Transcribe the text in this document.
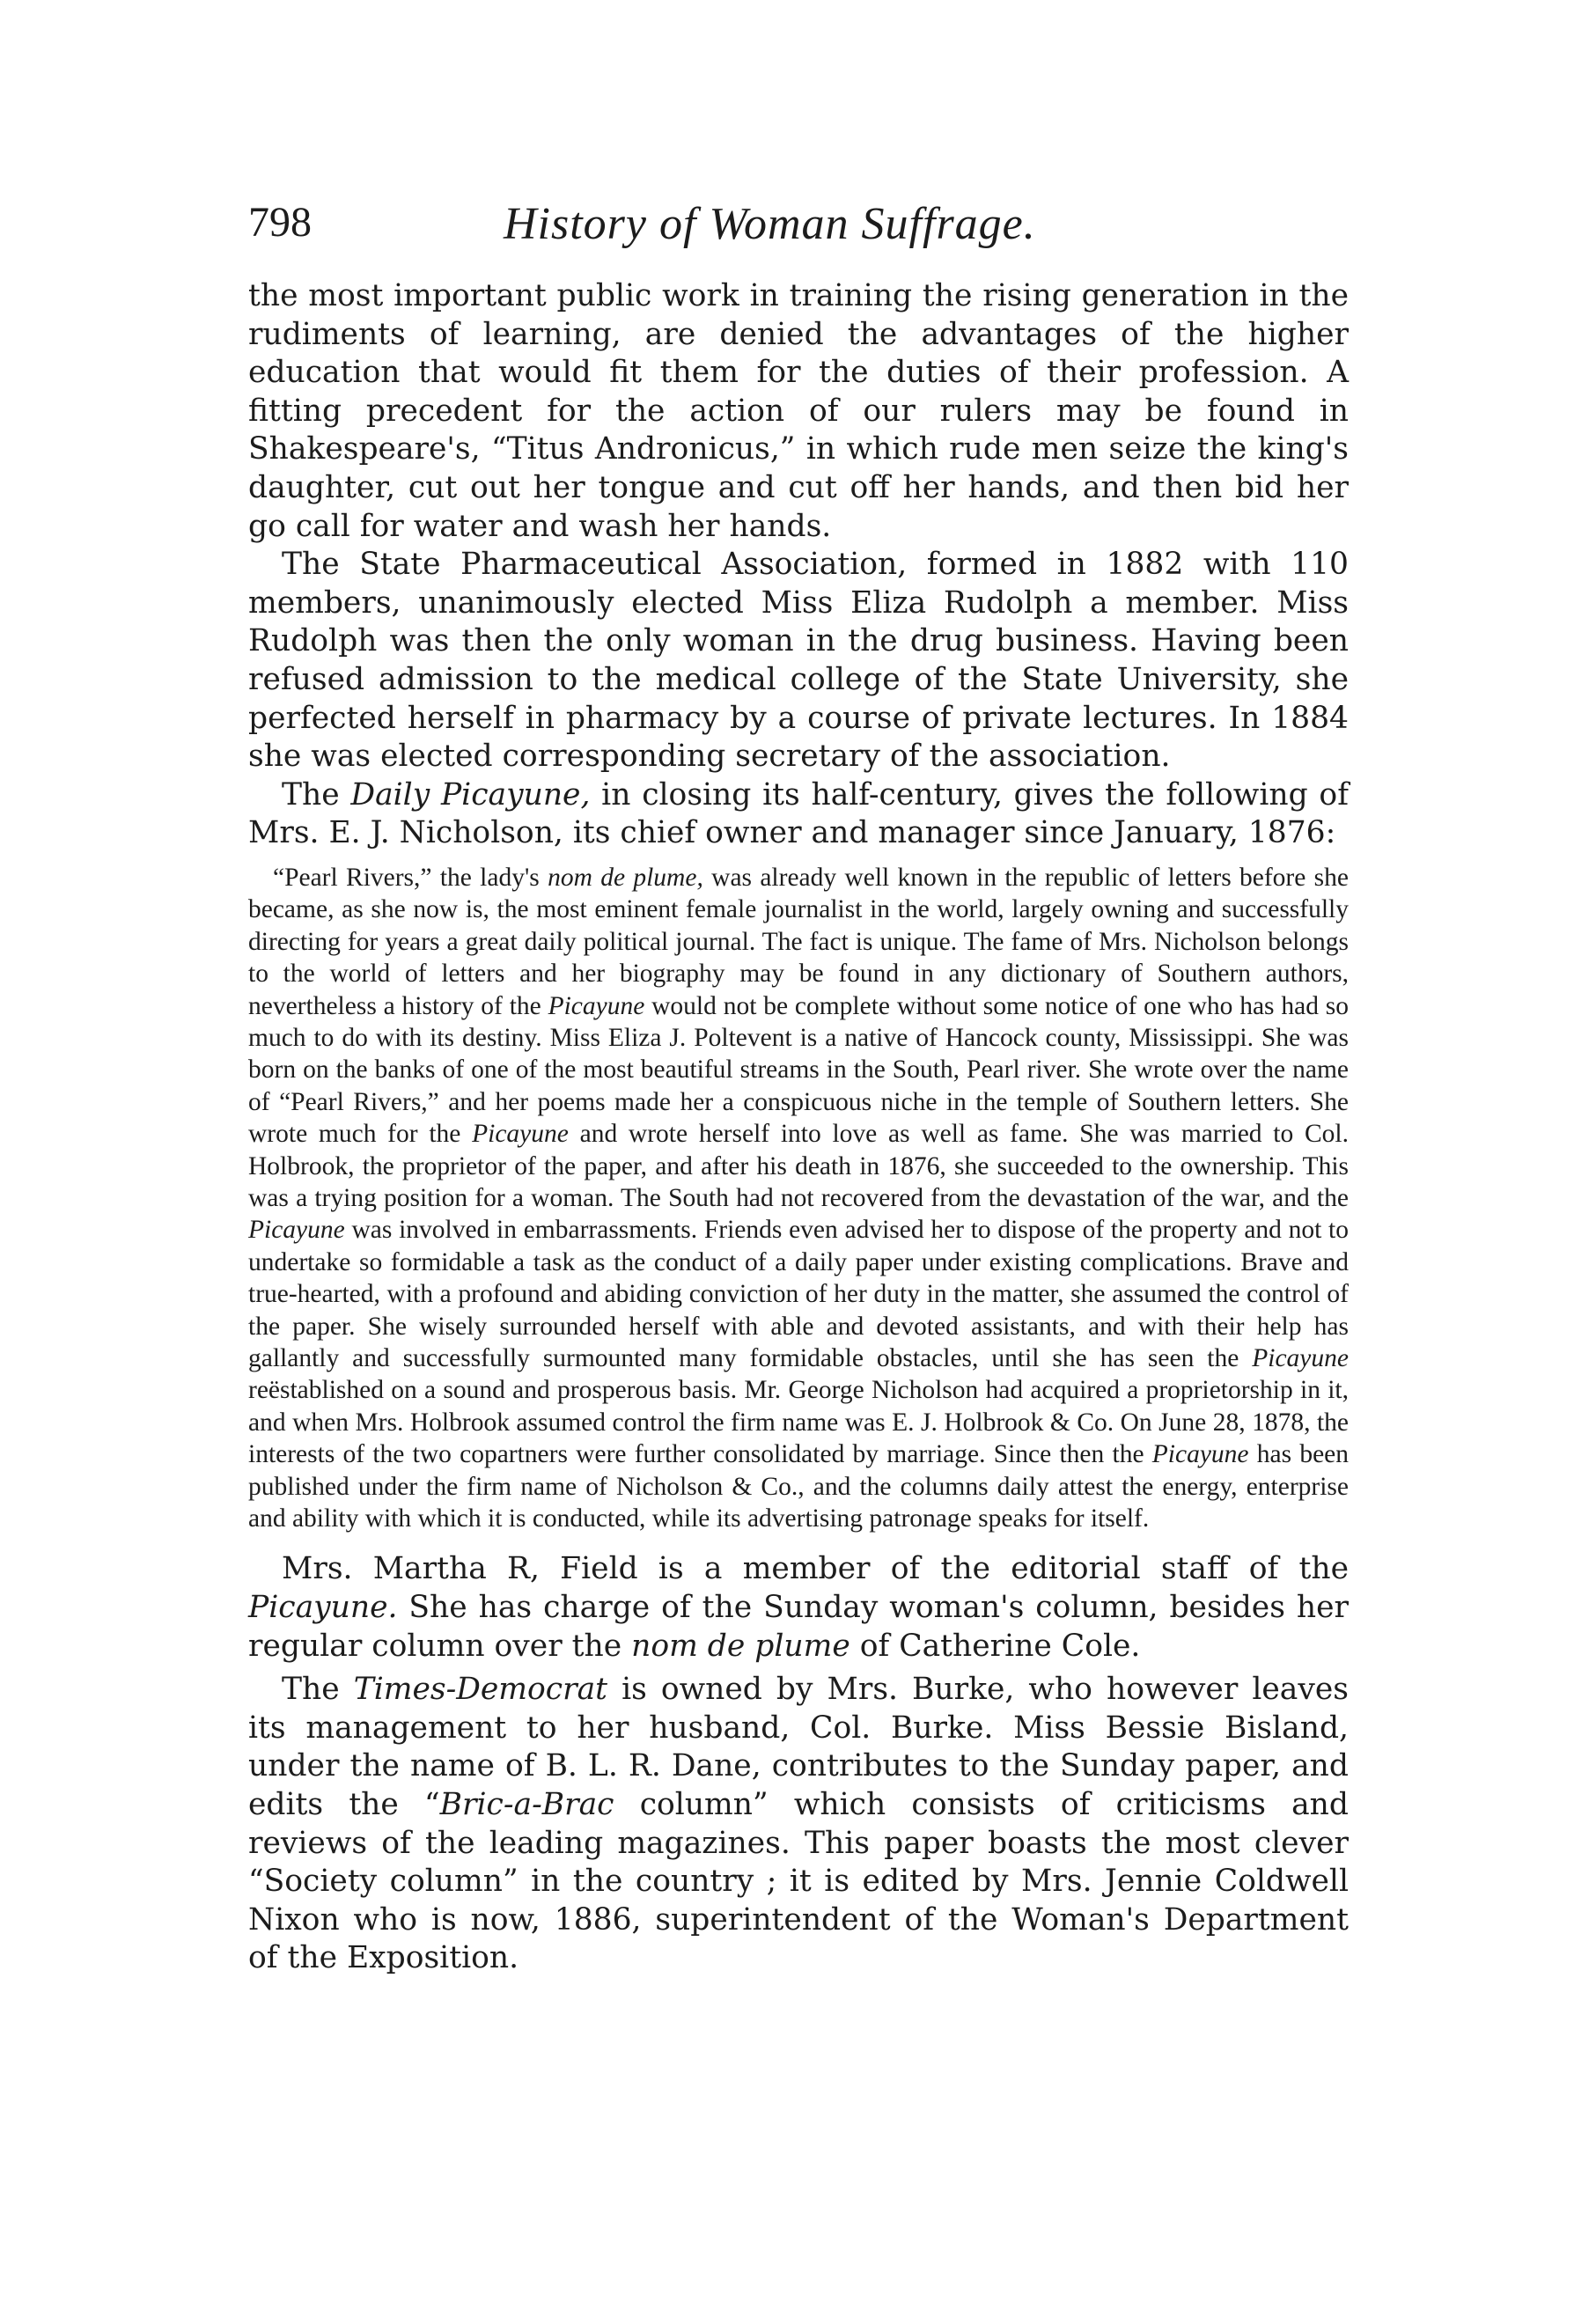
798	History of Woman Suffrage.

the most important public work in training the rising generation in the rudiments of learning, are denied the advantages of the higher education that would fit them for the duties of their profession. A fitting precedent for the action of our rulers may be found in Shakespeare's, “Titus Andronicus,” in which rude men seize the king's daughter, cut out her tongue and cut off her hands, and then bid her go call for water and wash her hands.

The State Pharmaceutical Association, formed in 1882 with 110 members, unanimously elected Miss Eliza Rudolph a member. Miss Rudolph was then the only woman in the drug business. Having been refused admission to the medical college of the State University, she perfected herself in pharmacy by a course of private lectures. In 1884 she was elected corresponding secretary of the association.

The Daily Picayune, in closing its half-century, gives the following of Mrs. E. J. Nicholson, its chief owner and manager since January, 1876:

“Pearl Rivers,” the lady's nom de plume, was already well known in the republic of letters before she became, as she now is, the most eminent female journalist in the world, largely owning and successfully directing for years a great daily political journal. The fact is unique. The fame of Mrs. Nicholson belongs to the world of letters and her biography may be found in any dictionary of Southern authors, nevertheless a history of the Picayune would not be complete without some notice of one who has had so much to do with its destiny. Miss Eliza J. Poltevent is a native of Hancock county, Mississippi. She was born on the banks of one of the most beautiful streams in the South, Pearl river. She wrote over the name of “Pearl Rivers,” and her poems made her a conspicuous niche in the temple of Southern letters. She wrote much for the Picayune and wrote herself into love as well as fame. She was married to Col. Holbrook, the proprietor of the paper, and after his death in 1876, she succeeded to the ownership. This was a trying position for a woman. The South had not recovered from the devastation of the war, and the Picayune was involved in embarrassments. Friends even advised her to dispose of the property and not to undertake so formidable a task as the conduct of a daily paper under existing complications. Brave and true-hearted, with a profound and abiding conviction of her duty in the matter, she assumed the control of the paper. She wisely surrounded herself with able and devoted assistants, and with their help has gallantly and successfully surmounted many formidable obstacles, until she has seen the Picayune reëstablished on a sound and prosperous basis. Mr. George Nicholson had acquired a proprietorship in it, and when Mrs. Holbrook assumed control the firm name was E. J. Holbrook & Co. On June 28, 1878, the interests of the two copartners were further consolidated by marriage. Since then the Picayune has been published under the firm name of Nicholson & Co., and the columns daily attest the energy, enterprise and ability with which it is conducted, while its advertising patronage speaks for itself.

Mrs. Martha R, Field is a member of the editorial staff of the Picayune. She has charge of the Sunday woman's column, besides her regular column over the nom de plume of Catherine Cole.

The Times-Democrat is owned by Mrs. Burke, who however leaves its management to her husband, Col. Burke. Miss Bessie Bisland, under the name of B. L. R. Dane, contributes to the Sunday paper, and edits the “Bric-a-Brac column” which consists of criticisms and reviews of the leading magazines. This paper boasts the most clever “Society column” in the country ; it is edited by Mrs. Jennie Coldwell Nixon who is now, 1886, superintendent of the Woman's Department of the Exposition.
